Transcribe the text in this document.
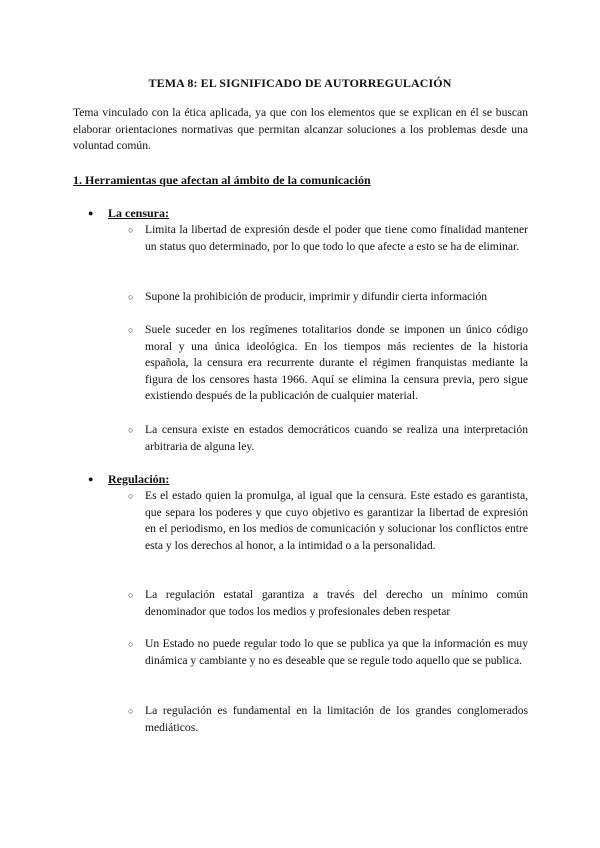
TEMA 8: EL SIGNIFICADO DE AUTORREGULACIÓN
Tema vinculado con la ética aplicada, ya que con los elementos que se explican en él se buscan elaborar orientaciones normativas que permitan alcanzar soluciones a los problemas desde una voluntad común.
1. Herramientas que afectan al ámbito de la comunicación
● La censura:
○ Limita la libertad de expresión desde el poder que tiene como finalidad mantener un status quo determinado, por lo que todo lo que afecte a esto se ha de eliminar.
○ Supone la prohibición de producir, imprimir y difundir cierta información
○ Suele suceder en los regímenes totalitarios donde se imponen un único código moral y una única ideológica. En los tiempos más recientes de la historia española, la censura era recurrente durante el régimen franquistas mediante la figura de los censores hasta 1966. Aquí se elimina la censura previa, pero sigue existiendo después de la publicación de cualquier material.
○ La censura existe en estados democráticos cuando se realiza una interpretación arbitraria de alguna ley.
● Regulación:
○ Es el estado quien la promulga, al igual que la censura. Este estado es garantista, que separa los poderes y que cuyo objetivo es garantizar la libertad de expresión en el periodismo, en los medios de comunicación y solucionar los conflictos entre esta y los derechos al honor, a la intimidad o a la personalidad.
○ La regulación estatal garantiza a través del derecho un mínimo común denominador que todos los medios y profesionales deben respetar
○ Un Estado no puede regular todo lo que se publica ya que la información es muy dinámica y cambiante y no es deseable que se regule todo aquello que se publica.
○ La regulación es fundamental en la limitación de los grandes conglomerados mediáticos.
